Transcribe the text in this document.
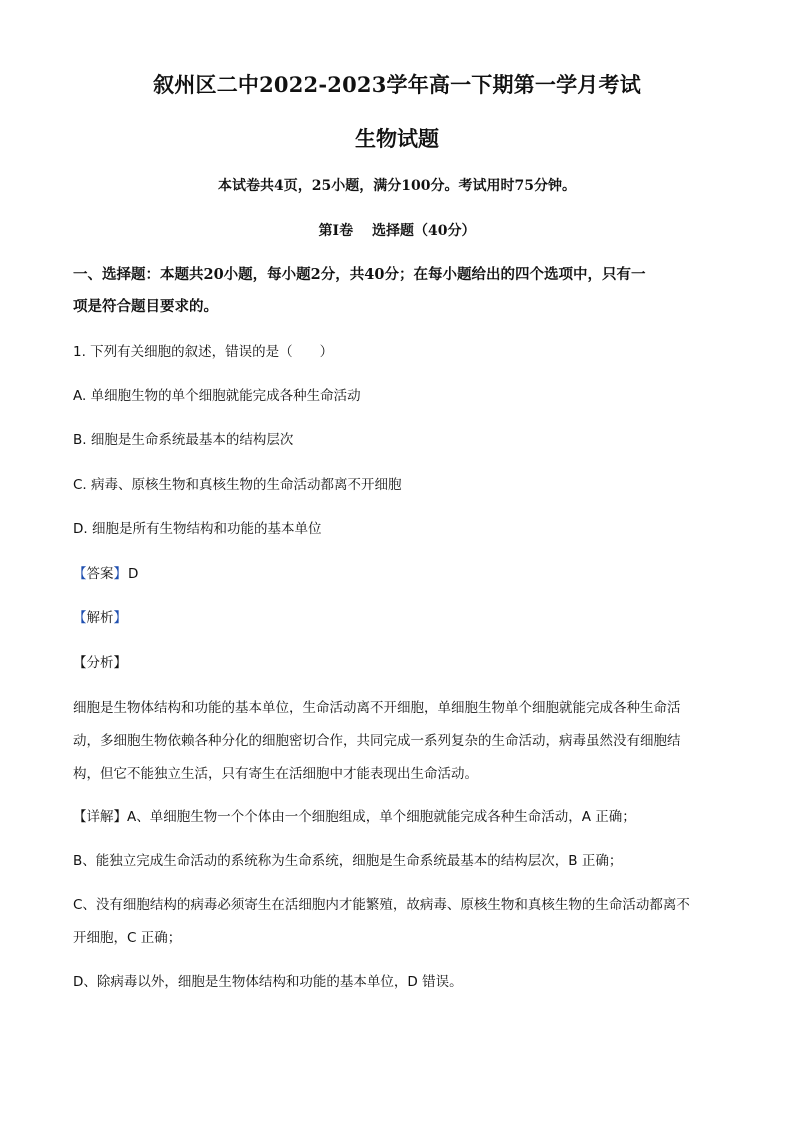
叙州区二中2022-2023学年高一下期第一学月考试
生物试题
本试卷共4页，25小题，满分100分。考试用时75分钟。
第I卷　 选择题（40分）
一、选择题：本题共20小题，每小题2分，共40分；在每小题给出的四个选项中，只有一
项是符合题目要求的。
1. 下列有关细胞的叙述，错误的是（　　）
A. 单细胞生物的单个细胞就能完成各种生命活动
B. 细胞是生命系统最基本的结构层次
C. 病毒、原核生物和真核生物的生命活动都离不开细胞
D. 细胞是所有生物结构和功能的基本单位
【答案】D
【解析】
【分析】
细胞是生物体结构和功能的基本单位，生命活动离不开细胞，单细胞生物单个细胞就能完成各种生命活
动，多细胞生物依赖各种分化的细胞密切合作，共同完成一系列复杂的生命活动，病毒虽然没有细胞结
构，但它不能独立生活，只有寄生在活细胞中才能表现出生命活动。
【详解】A、单细胞生物一个个体由一个细胞组成，单个细胞就能完成各种生命活动，A 正确；
B、能独立完成生命活动的系统称为生命系统，细胞是生命系统最基本的结构层次，B 正确；
C、没有细胞结构的病毒必须寄生在活细胞内才能繁殖，故病毒、原核生物和真核生物的生命活动都离不
开细胞，C 正确；
D、除病毒以外，细胞是生物体结构和功能的基本单位，D 错误。
